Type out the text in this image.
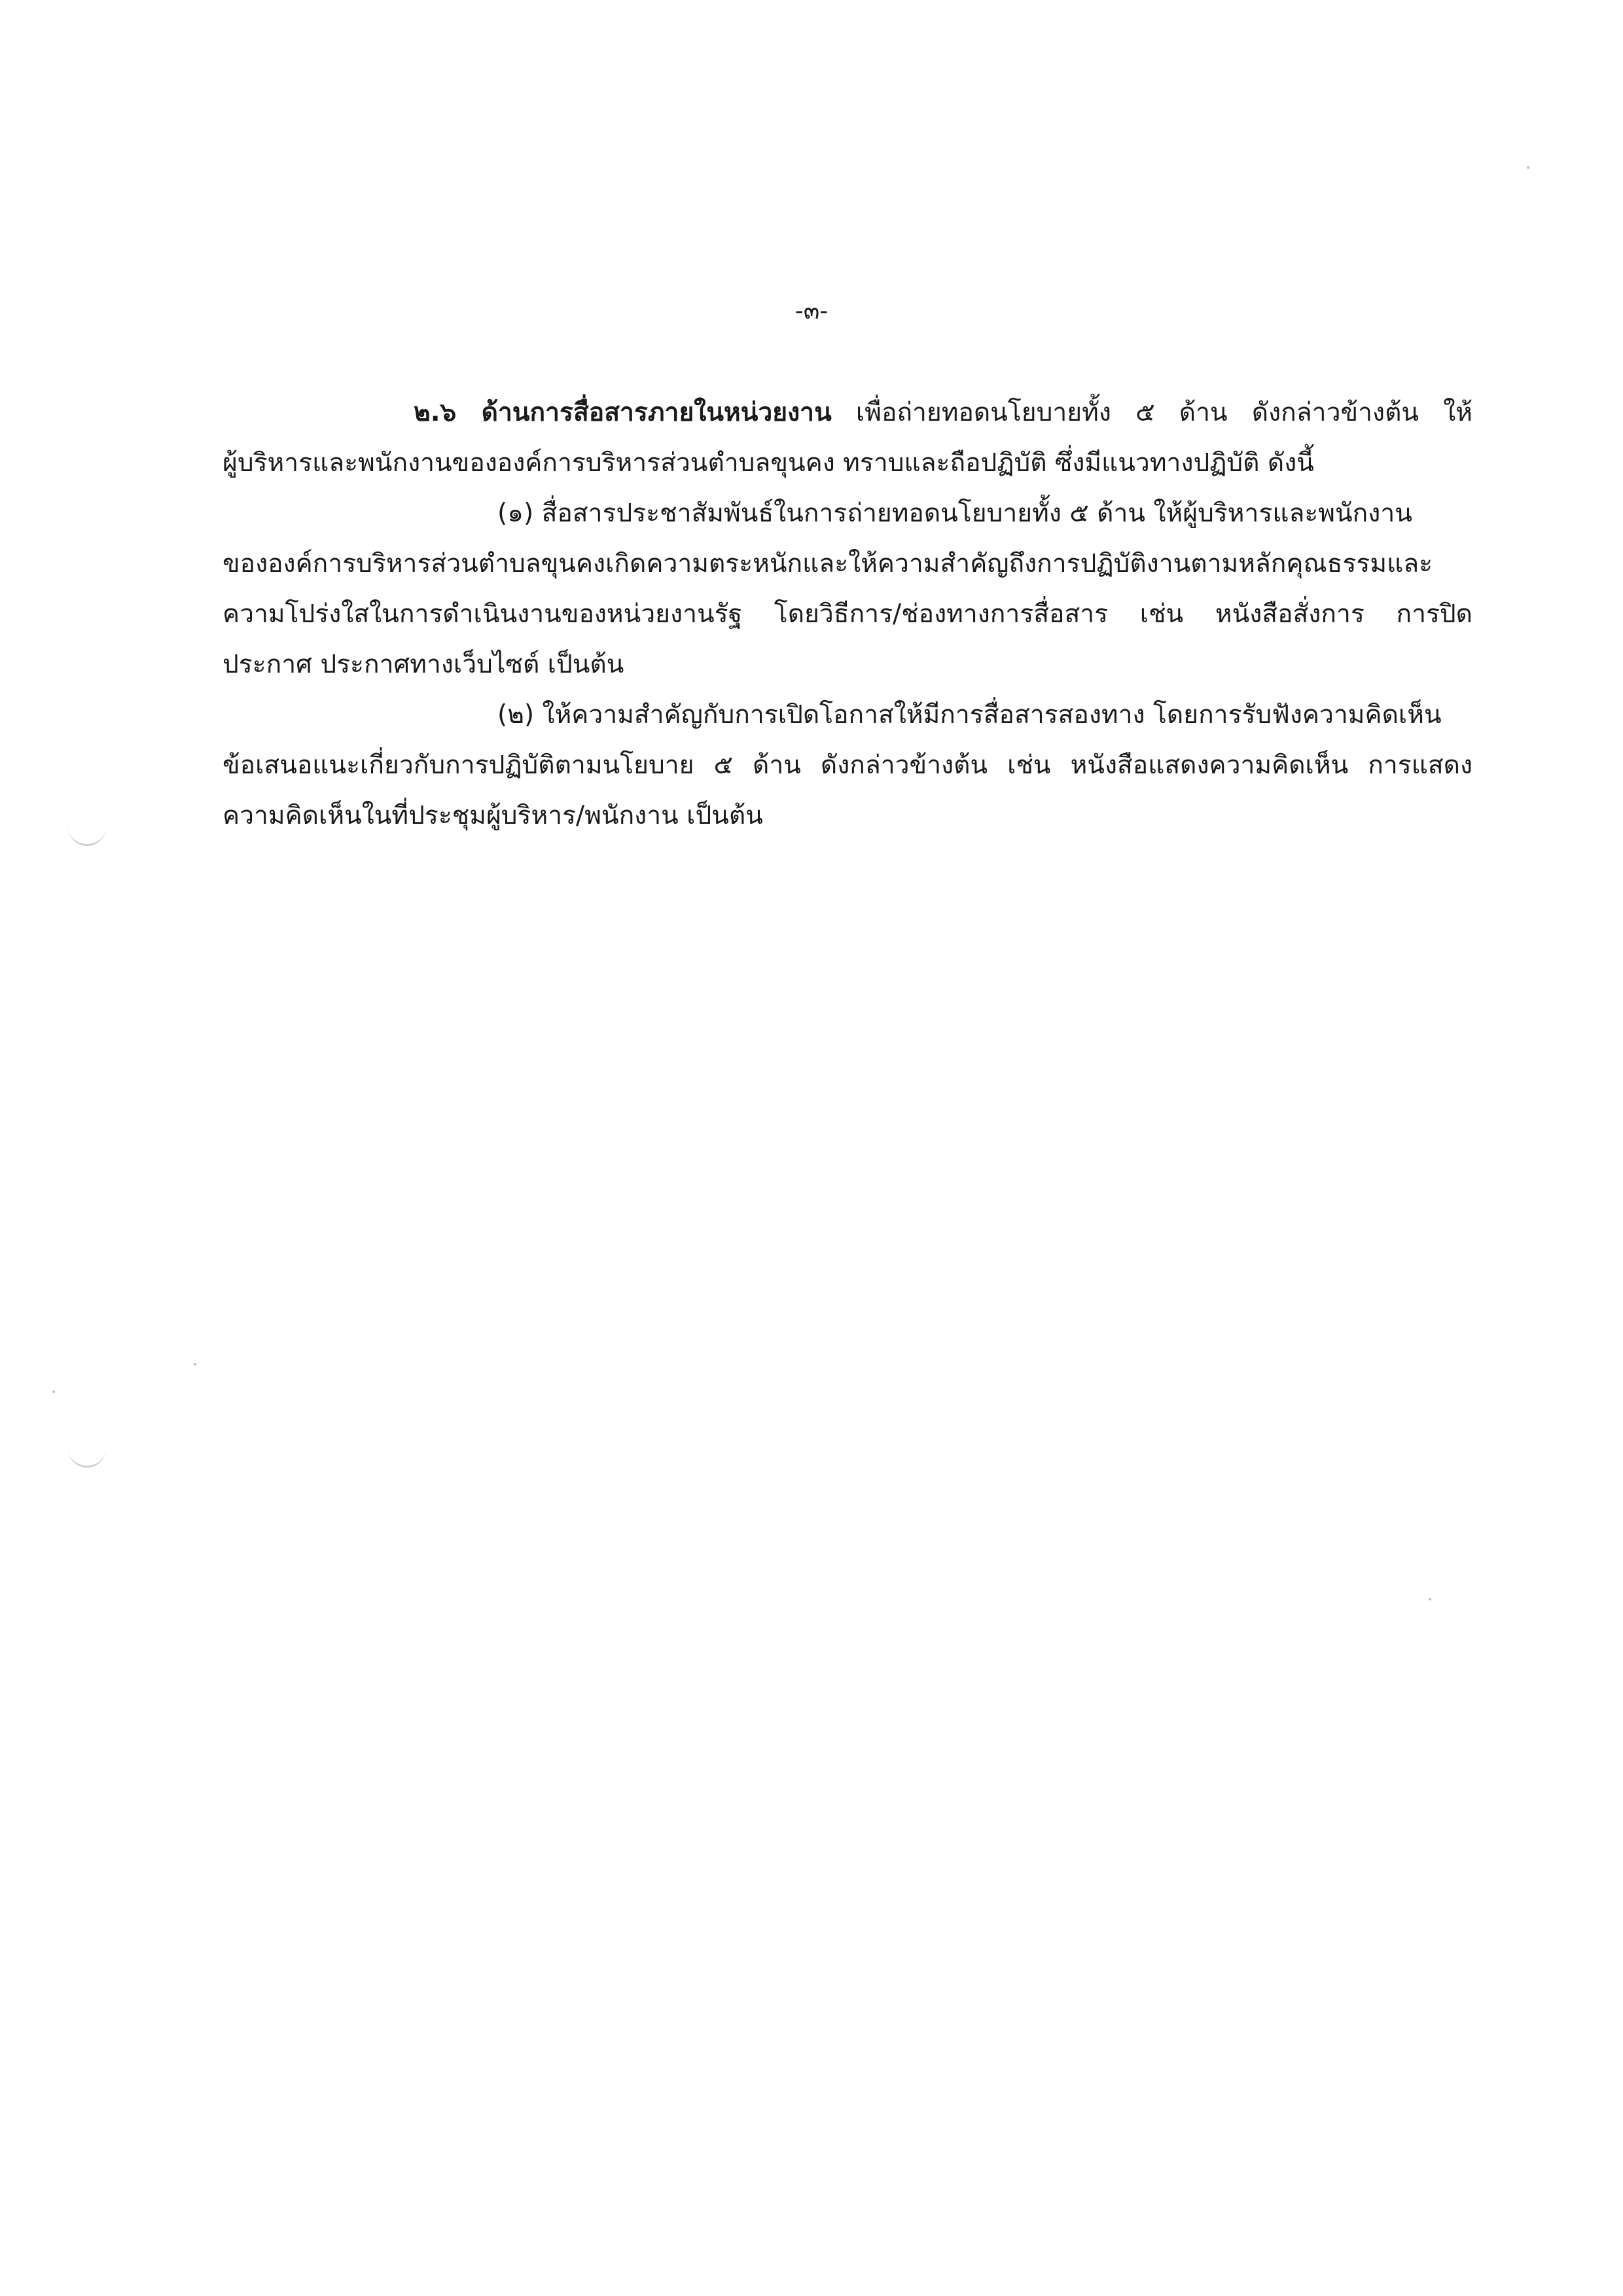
-๓-
๒.๖ ด้านการสื่อสารภายในหน่วยงาน เพื่อถ่ายทอดนโยบายทั้ง ๕ ด้าน ดังกล่าวข้างต้น ให้
ผู้บริหารและพนักงานขององค์การบริหารส่วนตำบลขุนคง ทราบและถือปฏิบัติ ซึ่งมีแนวทางปฏิบัติ ดังนี้
(๑) สื่อสารประชาสัมพันธ์ในการถ่ายทอดนโยบายทั้ง ๕ ด้าน ให้ผู้บริหารและพนักงาน
ขององค์การบริหารส่วนตำบลขุนคงเกิดความตระหนักและให้ความสำคัญถึงการปฏิบัติงานตามหลักคุณธรรมและ
ความโปร่งใสในการดำเนินงานของหน่วยงานรัฐ โดยวิธีการ/ช่องทางการสื่อสาร เช่น หนังสือสั่งการ การปิด
ประกาศ ประกาศทางเว็บไซต์ เป็นต้น
(๒) ให้ความสำคัญกับการเปิดโอกาสให้มีการสื่อสารสองทาง โดยการรับฟังความคิดเห็น
ข้อเสนอแนะเกี่ยวกับการปฏิบัติตามนโยบาย ๕ ด้าน ดังกล่าวข้างต้น เช่น หนังสือแสดงความคิดเห็น การแสดง
ความคิดเห็นในที่ประชุมผู้บริหาร/พนักงาน เป็นต้น
